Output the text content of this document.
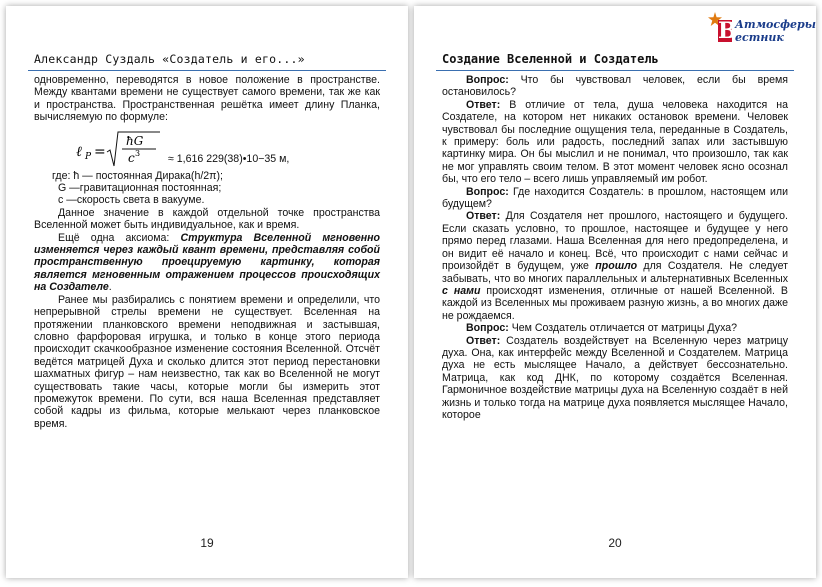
Александр Суздаль «Создатель и его...»

одновременно, переводятся в новое положение в пространстве. Между квантами времени не существует самого времени, так же как и пространства. Пространственная решётка имеет длину Планка, вычисляемую по формуле:

ℓ P =
ħG
c 3
≈ 1,616 229(38)•10−35 м,

где: ħ — постоянная Дирака(h/2π);

G —гравитационная постоянная;

c —скорость света в вакууме.

Данное значение в каждой отдельной точке пространства Вселенной может быть индивидуальное, как и время.

Ещё одна аксиома: Структура Вселенной мгновенно изменяется через каждый квант времени, представляя собой пространственную проецируемую картинку, которая является мгновенным отражением процессов происходящих на Создателе.

Ранее мы разбирались с понятием времени и определили, что непрерывной стрелы времени не существует. Вселенная на протяжении планковского времени неподвижная и застывшая, словно фарфоровая игрушка, и только в конце этого периода происходит скачкообразное изменение состояния Вселенной. Отсчёт ведётся матрицей Духа и сколько длится этот период перестановки шахматных фигур – нам неизвестно, так как во Вселенной не могут существовать такие часы, которые могли бы измерить этот промежуток времени. По сути, вся наша Вселенная представляет собой кадры из фильма, которые мелькают через планковское время.

19
В
Атмосферы
естник
Создание Вселенной и Создатель

Вопрос: Что бы чувствовал человек, если бы время остановилось?

Ответ: В отличие от тела, душа человека находится на Создателе, на котором нет никаких остановок времени. Человек чувствовал бы последние ощущения тела, переданные в Создатель, к примеру: боль или радость, последний запах или застывшую картинку мира. Он бы мыслил и не понимал, что произошло, так как не мог управлять своим телом. В этот момент человек ясно осознал бы, что его тело – всего лишь управляемый им робот.

Вопрос: Где находится Создатель: в прошлом, настоящем или будущем?

Ответ: Для Создателя нет прошлого, настоящего и будущего. Если сказать условно, то прошлое, настоящее и будущее у него прямо перед глазами. Наша Вселенная для него предопределена, и он видит её начало и конец. Всё, что происходит с нами сейчас и произойдёт в будущем, уже прошло для Создателя. Не следует забывать, что во многих параллельных и альтернативных Вселенных с нами происходят изменения, отличные от нашей Вселенной. В каждой из Вселенных мы проживаем разную жизнь, а во многих даже не рождаемся.

Вопрос: Чем Создатель отличается от матрицы Духа?

Ответ: Создатель воздействует на Вселенную через матрицу духа. Она, как интерфейс между Вселенной и Создателем. Матрица духа не есть мыслящее Начало, а действует бессознательно. Матрица, как код ДНК, по которому создаётся Вселенная. Гармоничное воздействие матрицы духа на Вселенную создаёт в ней жизнь и только тогда на матрице духа появляется мыслящее Начало, которое

20
